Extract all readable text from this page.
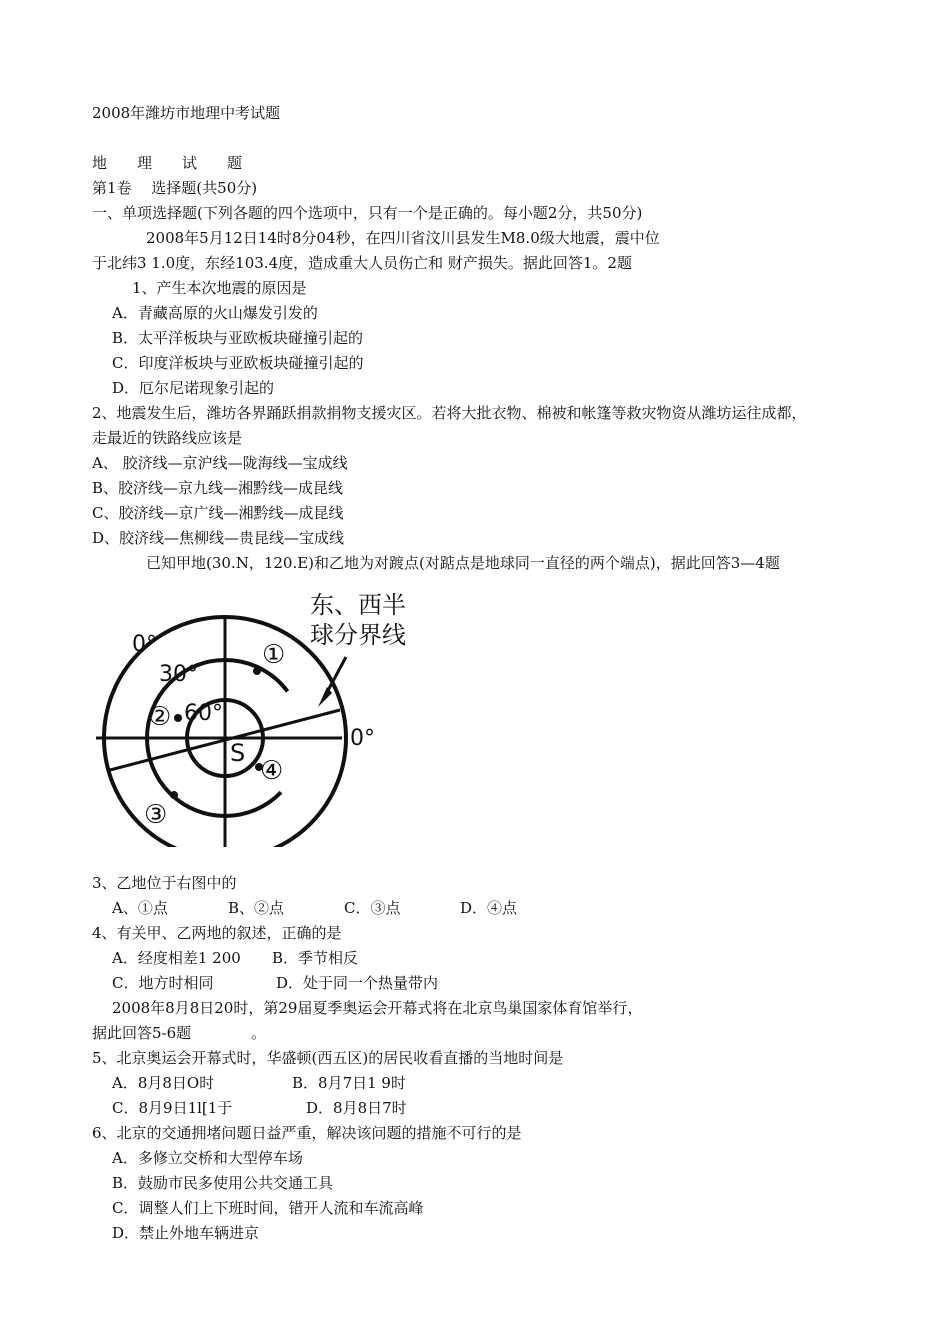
2008年潍坊市地理中考试题
地　　理　　试　　题
第1卷　 选择题(共50分)
一、单项选择题(下列各题的四个选项中，只有一个是正确的。每小题2分，共50分)
2008年5月12日14时8分04秒，在四川省汶川县发生M8.0级大地震，震中位
于北纬3 1.0度，东经103.4度，造成重大人员伤亡和 财产损失。据此回答1。2题
1、产生本次地震的原因是
A．青藏高原的火山爆发引发的
B．太平洋板块与亚欧板块碰撞引起的
C．印度洋板块与亚欧板块碰撞引起的
D．厄尔尼诺现象引起的
2、地震发生后，潍坊各界踊跃捐款捐物支援灾区。若将大批衣物、棉被和帐篷等救灾物资从潍坊运往成都，
走最近的铁路线应该是
A、 胶济线—京沪线—陇海线—宝成线
B、胶济线—京九线—湘黔线—成昆线
C、胶济线—京广线—湘黔线—成昆线
D、胶济线—焦柳线—贵昆线—宝成线
已知甲地(30.N，120.E)和乙地为对踱点(对踮点是地球同一直径的两个端点)，据此回答3—4题
0°
30°
60°
S
0°
①
②
③
④
东、西半
球分界线
3、乙地位于右图中的
A、①点	B、②点	C．③点	D．④点
4、有关甲、乙两地的叙述，正确的是
A．经度相差1 200 B．季节相反
C．地方时相同	D．处于同一个热量带内
2008年8月8日20时，第29届夏季奥运会开幕式将在北京鸟巢国家体育馆举行，
据此回答5-6题　　　　。
5、北京奥运会开幕式时，华盛顿(西五区)的居民收看直播的当地时间是
A．8月8日O时	B．8月7日1 9时
C．8月9日1l[1于	D．8月8日7时
6、北京的交通拥堵问题日益严重，解决该问题的措施不可行的是
A．多修立交桥和大型停车场
B．鼓励市民多使用公共交通工具
C．调整人们上下班时间，错开人流和车流高峰
D．禁止外地车辆进京
